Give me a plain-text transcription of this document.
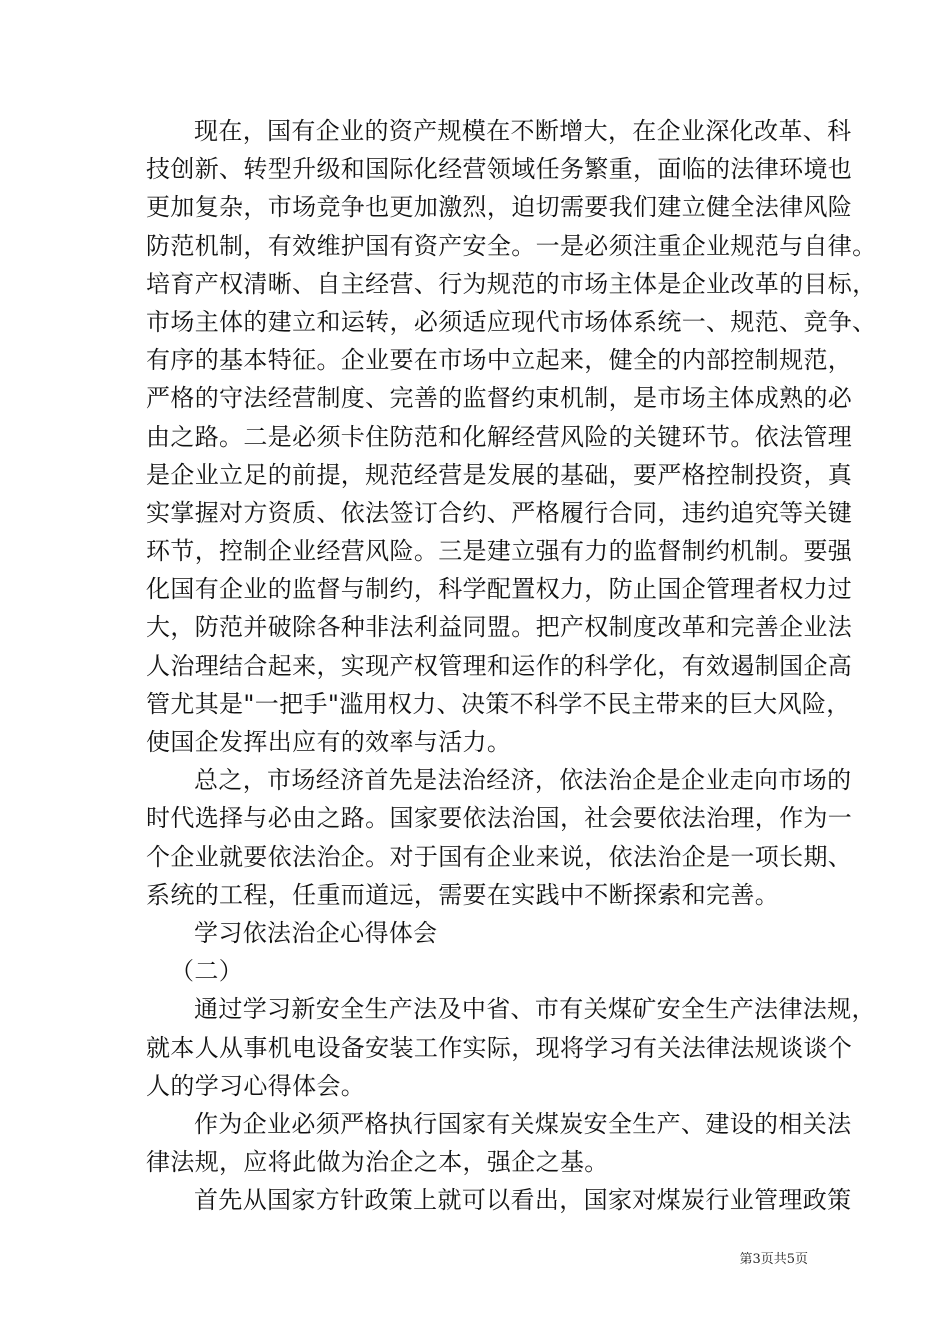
现在，国有企业的资产规模在不断增大，在企业深化改革、科
技创新、转型升级和国际化经营领域任务繁重，面临的法律环境也
更加复杂，市场竞争也更加激烈，迫切需要我们建立健全法律风险
防范机制，有效维护国有资产安全。一是必须注重企业规范与自律。
培育产权清晰、自主经营、行为规范的市场主体是企业改革的目标，
市场主体的建立和运转，必须适应现代市场体系统一、规范、竞争、
有序的基本特征。企业要在市场中立起来，健全的内部控制规范，
严格的守法经营制度、完善的监督约束机制，是市场主体成熟的必
由之路。二是必须卡住防范和化解经营风险的关键环节。依法管理
是企业立足的前提，规范经营是发展的基础，要严格控制投资，真
实掌握对方资质、依法签订合约、严格履行合同，违约追究等关键
环节，控制企业经营风险。三是建立强有力的监督制约机制。要强
化国有企业的监督与制约，科学配置权力，防止国企管理者权力过
大，防范并破除各种非法利益同盟。把产权制度改革和完善企业法
人治理结合起来，实现产权管理和运作的科学化，有效遏制国企高
管尤其是"一把手"滥用权力、决策不科学不民主带来的巨大风险，
使国企发挥出应有的效率与活力。
总之，市场经济首先是法治经济，依法治企是企业走向市场的
时代选择与必由之路。国家要依法治国，社会要依法治理，作为一
个企业就要依法治企。对于国有企业来说，依法治企是一项长期、
系统的工程，任重而道远，需要在实践中不断探索和完善。
学习依法治企心得体会
（二）
通过学习新安全生产法及中省、市有关煤矿安全生产法律法规，
就本人从事机电设备安装工作实际，现将学习有关法律法规谈谈个
人的学习心得体会。
作为企业必须严格执行国家有关煤炭安全生产、建设的相关法
律法规，应将此做为治企之本，强企之基。
首先从国家方针政策上就可以看出，国家对煤炭行业管理政策
第3页共5页
